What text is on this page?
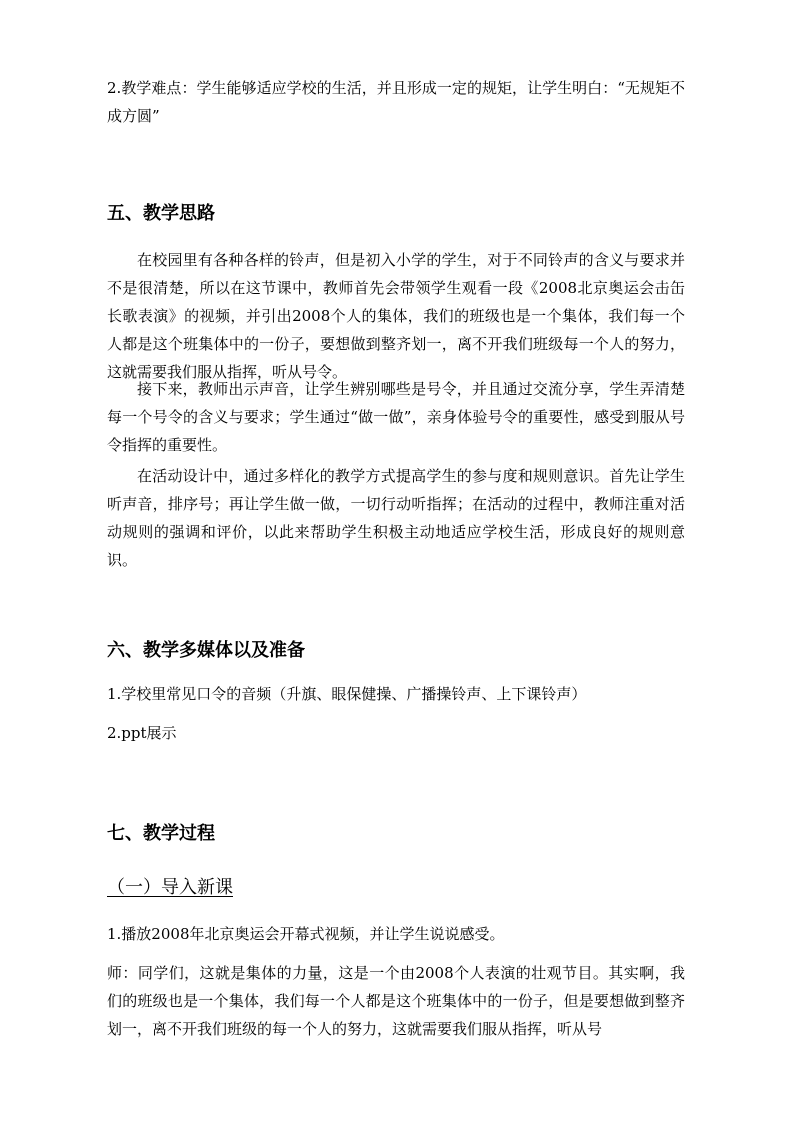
2.教学难点：学生能够适应学校的生活，并且形成一定的规矩，让学生明白：“无规矩不成方圆”
五、教学思路
在校园里有各种各样的铃声，但是初入小学的学生，对于不同铃声的含义与要求并不是很清楚，所以在这节课中，教师首先会带领学生观看一段《2008北京奥运会击缶长歌表演》的视频，并引出2008个人的集体，我们的班级也是一个集体，我们每一个人都是这个班集体中的一份子，要想做到整齐划一，离不开我们班级每一个人的努力，这就需要我们服从指挥，听从号令。
接下来，教师出示声音，让学生辨别哪些是号令，并且通过交流分享，学生弄清楚每一个号令的含义与要求；学生通过“做一做”，亲身体验号令的重要性，感受到服从号令指挥的重要性。
在活动设计中，通过多样化的教学方式提高学生的参与度和规则意识。首先让学生听声音，排序号；再让学生做一做，一切行动听指挥；在活动的过程中，教师注重对活动规则的强调和评价，以此来帮助学生积极主动地适应学校生活，形成良好的规则意识。
六、教学多媒体以及准备
1.学校里常见口令的音频（升旗、眼保健操、广播操铃声、上下课铃声）
2.ppt展示
七、教学过程
（一）导入新课
1.播放2008年北京奥运会开幕式视频，并让学生说说感受。
师：同学们，这就是集体的力量，这是一个由2008个人表演的壮观节目。其实啊，我们的班级也是一个集体，我们每一个人都是这个班集体中的一份子，但是要想做到整齐划一，离不开我们班级的每一个人的努力，这就需要我们服从指挥，听从号
